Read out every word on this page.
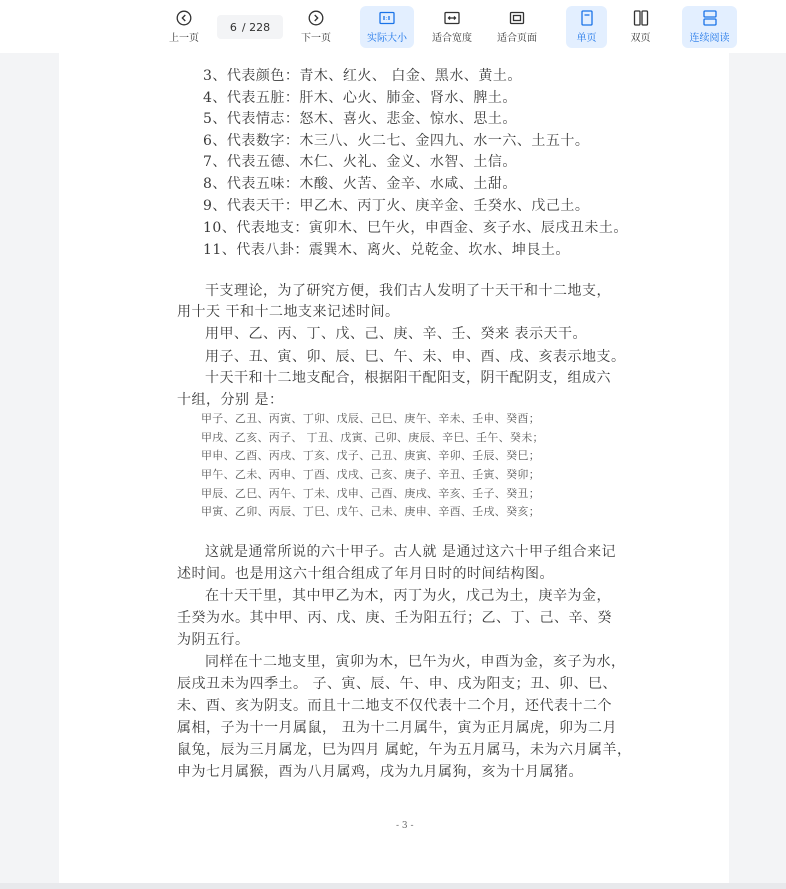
上一页
6 / 228
下一页	实际大小	适合宽度	适合页面	单页	双页	连续阅读
3、代表颜色：青木、红火、 白金、黑水、黄土。
4、代表五脏：肝木、心火、肺金、肾水、脾土。
5、代表情志：怒木、喜火、悲金、惊水、思土。
6、代表数字：木三八、火二七、金四九、水一六、土五十。
7、代表五德、木仁、火礼、金义、水智、土信。
8、代表五味：木酸、火苦、金辛、水咸、土甜。
9、代表天干：甲乙木、丙丁火、庚辛金、壬癸水、戊己土。
10、代表地支：寅卯木、巳午火，申酉金、亥子水、辰戌丑未土。
11、代表八卦：震巽木、离火、兑乾金、坎水、坤艮土。
干支理论，为了研究方便，我们古人发明了十天干和十二地支，
用十天 干和十二地支来记述时间。
用甲、乙、丙、丁、戊、己、庚、辛、壬、癸来 表示天干。
用子、丑、寅、卯、辰、巳、午、未、申、酉、戌、亥表示地支。
十天干和十二地支配合，根据阳干配阳支，阴干配阴支，组成六
十组，分别 是：
甲子、乙丑、丙寅、丁卯、戊辰、己巳、庚午、辛未、壬申、癸酉；
甲戌、乙亥、丙子、 丁丑、戊寅、己卯、庚辰、辛巳、壬午、癸未；
甲申、乙酉、丙戌、丁亥、戊子、己丑、庚寅、辛卯、壬辰、癸巳；
甲午、乙未、丙申、丁酉、戊戌、己亥、庚子、辛丑、壬寅、癸卯；
甲辰、乙巳、丙午、丁未、戊申、己酉、庚戌、辛亥、壬子、癸丑；
甲寅、乙卯、丙辰、丁巳、戊午、己未、庚申、辛酉、壬戌、癸亥；
这就是通常所说的六十甲子。古人就 是通过这六十甲子组合来记
述时间。也是用这六十组合组成了年月日时的时间结构图。
在十天干里，其中甲乙为木，丙丁为火，戊己为土，庚辛为金，
壬癸为水。其中甲、丙、戊、庚、壬为阳五行；乙、丁、己、辛、癸
为阴五行。
同样在十二地支里，寅卯为木，巳午为火，申酉为金，亥子为水，
辰戌丑未为四季土。 子、寅、辰、午、申、戌为阳支；丑、卯、巳、
未、酉、亥为阴支。而且十二地支不仅代表十二个月，还代表十二个
属相，子为十一月属鼠， 丑为十二月属牛，寅为正月属虎，卯为二月
鼠兔，辰为三月属龙，巳为四月 属蛇，午为五月属马，未为六月属羊，
申为七月属猴，酉为八月属鸡，戌为九月属狗，亥为十月属猪。
- 3 -
